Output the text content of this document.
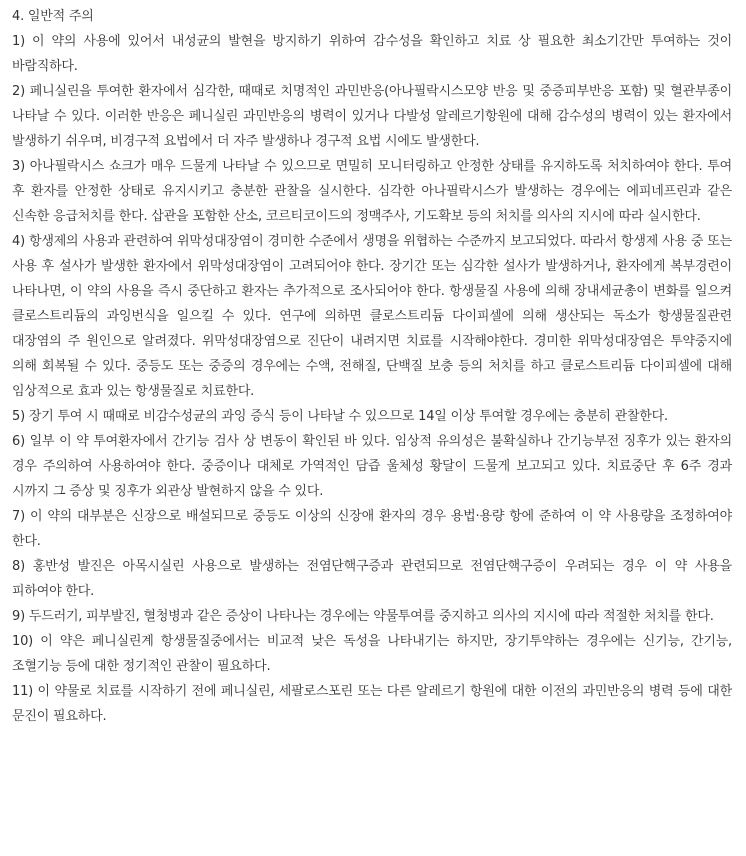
4. 일반적 주의

1) 이 약의 사용에 있어서 내성균의 발현을 방지하기 위하여 감수성을 확인하고 치료 상 필요한 최소기간만 투여하는 것이 바람직하다.

2) 페니실린을 투여한 환자에서 심각한, 때때로 치명적인 과민반응(아나필락시스모양 반응 및 중증피부반응 포함) 및 혈관부종이 나타날 수 있다. 이러한 반응은 페니실린 과민반응의 병력이 있거나 다발성 알레르기항원에 대해 감수성의 병력이 있는 환자에서 발생하기 쉬우며, 비경구적 요법에서 더 자주 발생하나 경구적 요법 시에도 발생한다.

3) 아나필락시스 쇼크가 매우 드물게 나타날 수 있으므로 면밀히 모니터링하고 안정한 상태를 유지하도록 처치하여야 한다. 투여 후 환자를 안정한 상태로 유지시키고 충분한 관찰을 실시한다. 심각한 아나필락시스가 발생하는 경우에는 에피네프린과 같은 신속한 응급처치를 한다. 삽관을 포함한 산소, 코르티코이드의 정맥주사, 기도확보 등의 처치를 의사의 지시에 따라 실시한다.

4) 항생제의 사용과 관련하여 위막성대장염이 경미한 수준에서 생명을 위협하는 수준까지 보고되었다. 따라서 항생제 사용 중 또는 사용 후 설사가 발생한 환자에서 위막성대장염이 고려되어야 한다. 장기간 또는 심각한 설사가 발생하거나, 환자에게 복부경련이 나타나면, 이 약의 사용을 즉시 중단하고 환자는 추가적으로 조사되어야 한다. 항생물질 사용에 의해 장내세균총이 변화를 일으켜 클로스트리듐의 과잉번식을 일으킬 수 있다. 연구에 의하면 클로스트리듐 다이피셀에 의해 생산되는 독소가 항생물질관련 대장염의 주 원인으로 알려졌다. 위막성대장염으로 진단이 내려지면 치료를 시작해야한다. 경미한 위막성대장염은 투약중지에 의해 회복될 수 있다. 중등도 또는 중증의 경우에는 수액, 전해질, 단백질 보충 등의 처치를 하고 클로스트리듐 다이피셀에 대해 임상적으로 효과 있는 항생물질로 치료한다.

5) 장기 투여 시 때때로 비감수성균의 과잉 증식 등이 나타날 수 있으므로 14일 이상 투여할 경우에는 충분히 관찰한다.

6) 일부 이 약 투여환자에서 간기능 검사 상 변동이 확인된 바 있다. 임상적 유의성은 불확실하나 간기능부전 징후가 있는 환자의 경우 주의하여 사용하여야 한다. 중증이나 대체로 가역적인 담즙 울체성 황달이 드물게 보고되고 있다. 치료중단 후 6주 경과 시까지 그 증상 및 징후가 외관상 발현하지 않을 수 있다.

7) 이 약의 대부분은 신장으로 배설되므로 중등도 이상의 신장애 환자의 경우 용법·용량 항에 준하여 이 약 사용량을 조정하여야 한다.

8) 홍반성 발진은 아목시실린 사용으로 발생하는 전염단핵구증과 관련되므로 전염단핵구증이 우려되는 경우 이 약 사용을 피하여야 한다.

9) 두드러기, 피부발진, 혈청병과 같은 증상이 나타나는 경우에는 약물투여를 중지하고 의사의 지시에 따라 적절한 처치를 한다.

10) 이 약은 페니실린계 항생물질중에서는 비교적 낮은 독성을 나타내기는 하지만, 장기투약하는 경우에는 신기능, 간기능, 조혈기능 등에 대한 정기적인 관찰이 필요하다.

11) 이 약물로 치료를 시작하기 전에 페니실린, 세팔로스포린 또는 다른 알레르기 항원에 대한 이전의 과민반응의 병력 등에 대한 문진이 필요하다.
